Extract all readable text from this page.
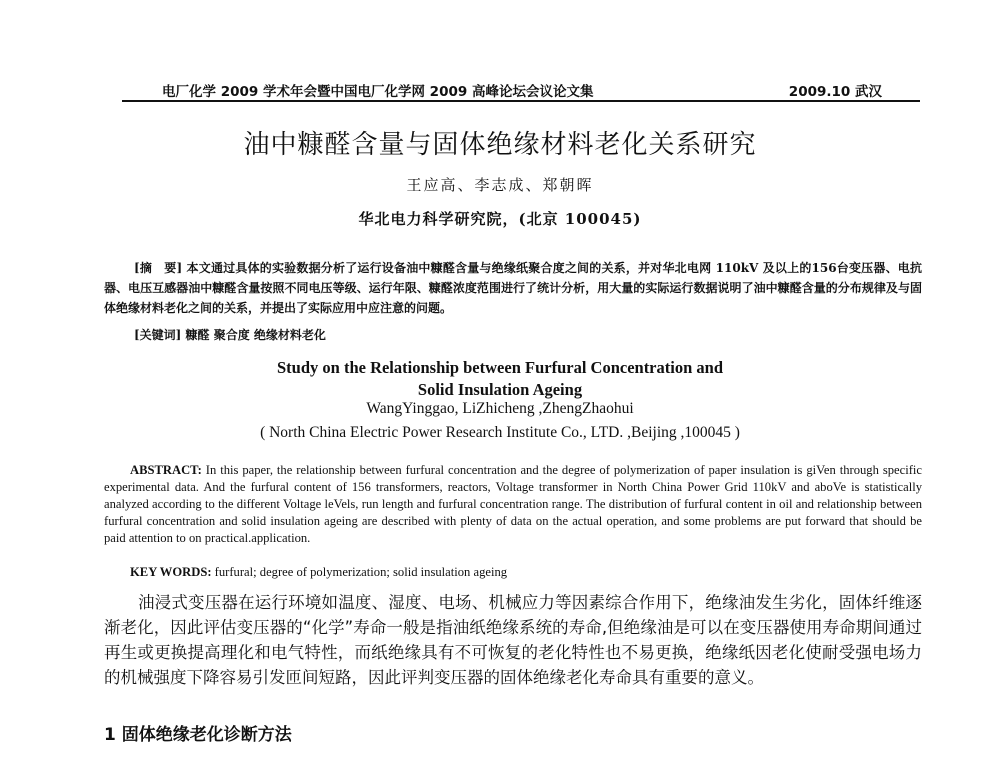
电厂化学 2009 学术年会暨中国电厂化学网 2009 高峰论坛会议论文集	2009.10 武汉
油中糠醛含量与固体绝缘材料老化关系研究
王应高、李志成、郑朝晖
华北电力科学研究院，(北京 100045)

[摘　要] 本文通过具体的实验数据分析了运行设备油中糠醛含量与绝缘纸聚合度之间的关系，并对华北电网 110kV 及以上的156台变压器、电抗器、电压互感器油中糠醛含量按照不同电压等级、运行年限、糠醛浓度范围进行了统计分析，用大量的实际运行数据说明了油中糠醛含量的分布规律及与固体绝缘材料老化之间的关系，并提出了实际应用中应注意的问题。

[关键词] 糠醛 聚合度 绝缘材料老化
Study on the Relationship between Furfural Concentration and
Solid Insulation Ageing
WangYinggao, LiZhicheng ,ZhengZhaohui
( North China Electric Power Research Institute Co., LTD. ,Beijing ,100045 )

ABSTRACT: In this paper, the relationship between furfural concentration and the degree of polymerization of paper insulation is giVen through specific experimental data. And the furfural content of 156 transformers, reactors, Voltage transformer in North China Power Grid 110kV and aboVe is statistically analyzed according to the different Voltage leVels, run length and furfural concentration range. The distribution of furfural content in oil and relationship between furfural concentration and solid insulation ageing are described with plenty of data on the actual operation, and some problems are put forward that should be paid attention to on practical.application.

KEY WORDS: furfural; degree of polymerization; solid insulation ageing

油浸式变压器在运行环境如温度、湿度、电场、机械应力等因素综合作用下，绝缘油发生劣化，固体纤维逐渐老化，因此评估变压器的“化学”寿命一般是指油纸绝缘系统的寿命,但绝缘油是可以在变压器使用寿命期间通过再生或更换提高理化和电气特性，而纸绝缘具有不可恢复的老化特性也不易更换，绝缘纸因老化使耐受强电场力的机械强度下降容易引发匝间短路，因此评判变压器的固体绝缘老化寿命具有重要的意义。

1 固体绝缘老化诊断方法
